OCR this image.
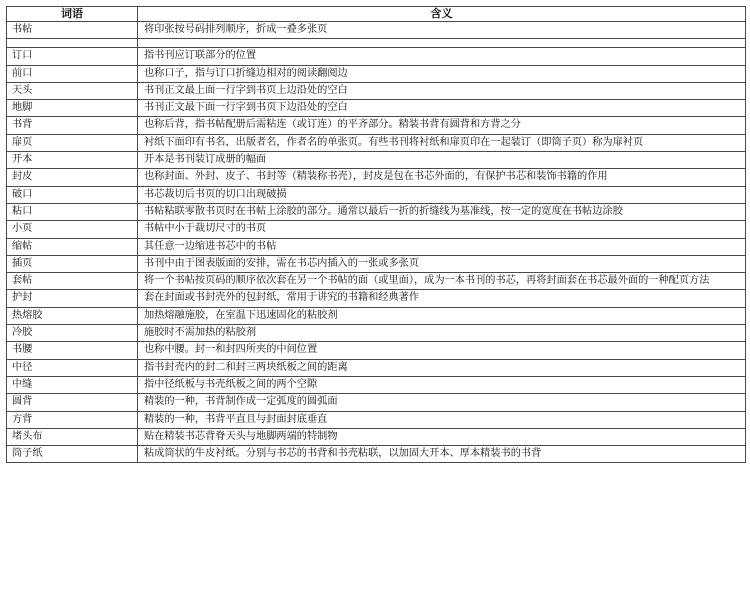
词语	含义
书帖	将印张按号码排列顺序，折成一叠多张页

订口	指书刊应订联部分的位置
前口	也称口子，指与订口折缝边相对的阅读翻阅边
天头	书刊正文最上面一行字到书页上边沿处的空白
地脚	书刊正文最下面一行字到书页下边沿处的空白
书背	也称后背，指书帖配册后需粘连（或订连）的平齐部分。精装书背有圆背和方背之分
扉页	衬纸下面印有书名，出版者名，作者名的单张页。有些书刊将衬纸和扉页印在一起装订（即筒子页）称为扉衬页
开本	开本是书刊装订成册的幅面
封皮	也称封面、外封、皮子、书封等（精装称书壳），封皮是包在书芯外面的，有保护书芯和装饰书籍的作用
破口	书芯裁切后书页的切口出现破损
粘口	书帖粘联零散书页时在书帖上涂胶的部分。通常以最后一折的折缝线为基准线，按一定的宽度在书帖边涂胶
小页	书帖中小于裁切尺寸的书页
缩帖	其任意一边缩进书芯中的书帖
插页	书刊中由于图表版面的安排，需在书芯内插入的一张或多张页
套帖	将一个书帖按页码的顺序依次套在另一个书帖的面（或里面），成为一本书刊的书芯，再将封面套在书芯最外面的一种配页方法
护封	套在封面或书封壳外的包封纸，常用于讲究的书籍和经典著作
热熔胶	加热熔融施胶，在室温下迅速固化的粘胶剂
冷胶	施胶时不需加热的粘胶剂
书腰	也称中腰。封一和封四所夹的中间位置
中径	指书封壳内的封二和封三两块纸板之间的距离
中缝	指中径纸板与书壳纸板之间的两个空隙
圆背	精装的一种，书背制作成一定弧度的圆弧面
方背	精装的一种，书背平直且与封面封底垂直
堵头布	贴在精装书芯背脊天头与地脚两端的特制物
筒子纸	粘成筒状的牛皮衬纸。分别与书芯的书背和书壳粘联，以加固大开本、厚本精装书的书背
